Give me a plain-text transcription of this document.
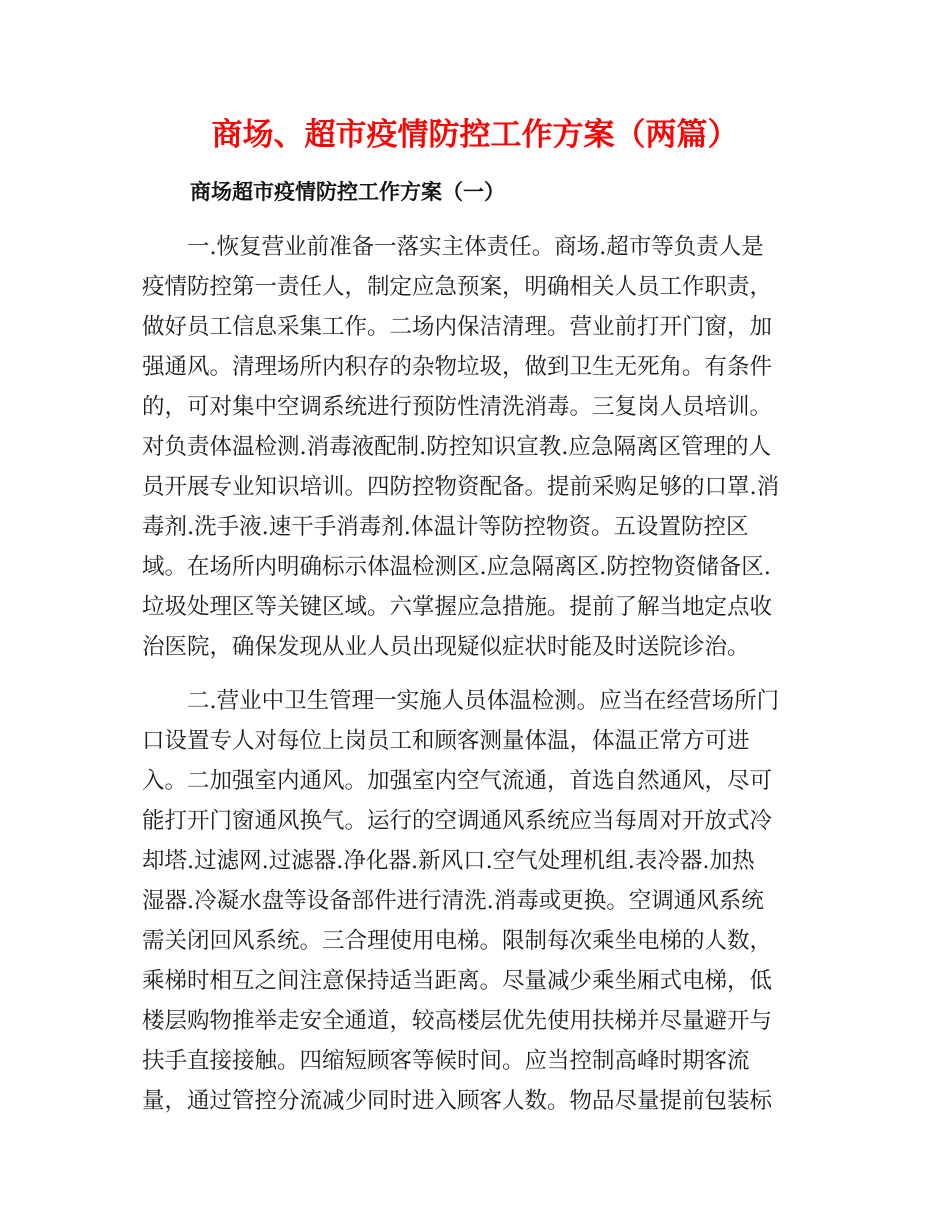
商场、超市疫情防控工作方案（两篇）
商场超市疫情防控工作方案（一）
　　一.恢复营业前准备一落实主体责任。商场.超市等负责人是
疫情防控第一责任人，制定应急预案，明确相关人员工作职责，
做好员工信息采集工作。二场内保洁清理。营业前打开门窗，加
强通风。清理场所内积存的杂物垃圾，做到卫生无死角。有条件
的，可对集中空调系统进行预防性清洗消毒。三复岗人员培训。
对负责体温检测.消毒液配制.防控知识宣教.应急隔离区管理的人
员开展专业知识培训。四防控物资配备。提前采购足够的口罩.消
毒剂.洗手液.速干手消毒剂.体温计等防控物资。五设置防控区
域。在场所内明确标示体温检测区.应急隔离区.防控物资储备区.
垃圾处理区等关键区域。六掌握应急措施。提前了解当地定点收
治医院，确保发现从业人员出现疑似症状时能及时送院诊治。
　　二.营业中卫生管理一实施人员体温检测。应当在经营场所门
口设置专人对每位上岗员工和顾客测量体温，体温正常方可进
入。二加强室内通风。加强室内空气流通，首选自然通风，尽可
能打开门窗通风换气。运行的空调通风系统应当每周对开放式冷
却塔.过滤网.过滤器.净化器.新风口.空气处理机组.表冷器.加热
湿器.冷凝水盘等设备部件进行清洗.消毒或更换。空调通风系统
需关闭回风系统。三合理使用电梯。限制每次乘坐电梯的人数，
乘梯时相互之间注意保持适当距离。尽量减少乘坐厢式电梯，低
楼层购物推举走安全通道，较高楼层优先使用扶梯并尽量避开与
扶手直接接触。四缩短顾客等候时间。应当控制高峰时期客流
量，通过管控分流减少同时进入顾客人数。物品尽量提前包装标
